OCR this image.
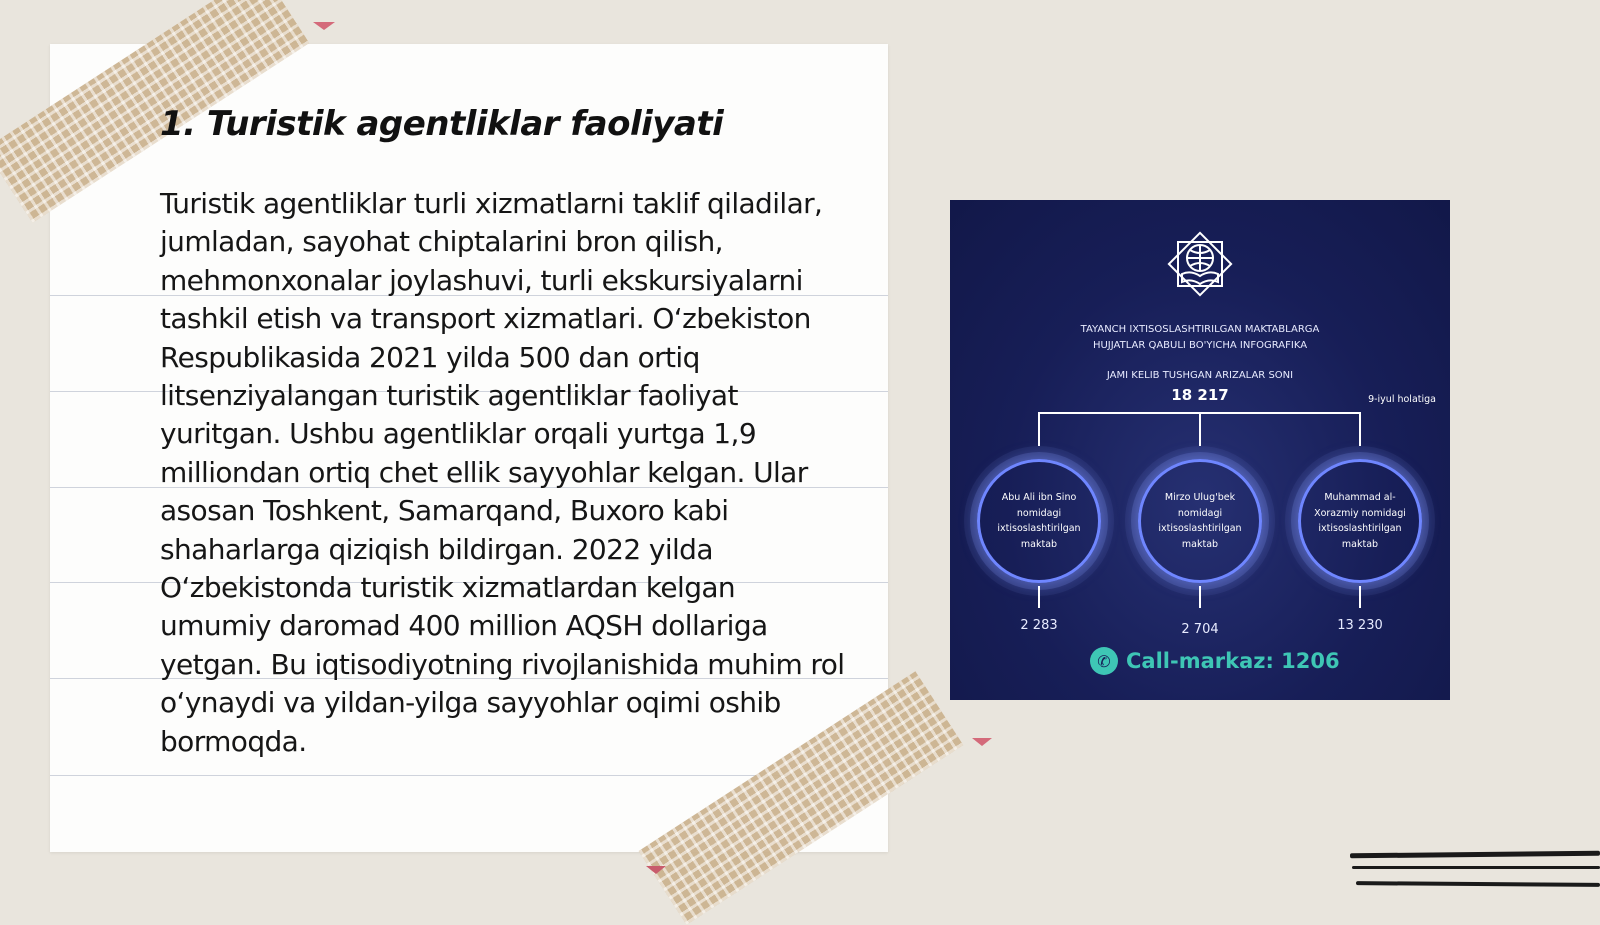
1. Turistik agentliklar faoliyati

Turistik agentliklar turli xizmatlarni taklif qiladilar, jumladan, sayohat chiptalarini bron qilish, mehmonxonalar joylashuvi, turli ekskursiyalarni tashkil etish va transport xizmatlari. O‘zbekiston Respublikasida 2021 yilda 500 dan ortiq litsenziyalangan turistik agentliklar faoliyat yuritgan. Ushbu agentliklar orqali yurtga 1,9 milliondan ortiq chet ellik sayyohlar kelgan. Ular asosan Toshkent, Samarqand, Buxoro kabi shaharlarga qiziqish bildirgan. 2022 yilda O‘zbekistonda turistik xizmatlardan kelgan umumiy daromad 400 million AQSH dollariga yetgan. Bu iqtisodiyotning rivojlanishida muhim rol o‘ynaydi va yildan-yilga sayyohlar oqimi oshib bormoqda.

TAYANCH IXTISOSLASHTIRILGAN MAKTABLARGA
HUJJATLAR QABULI BO'YICHA INFOGRAFIKA
JAMI KELIB TUSHGAN ARIZALAR SONI
18 217	9-iyul holatiga
Abu Ali ibn Sino nomidagi ixtisoslashtirilgan maktab
Mirzo Ulug'bek nomidagi ixtisoslashtirilgan maktab
Muhammad al-Xorazmiy nomidagi ixtisoslashtirilgan maktab
2 283	2 704	13 230
✆ Call-markaz: 1206
